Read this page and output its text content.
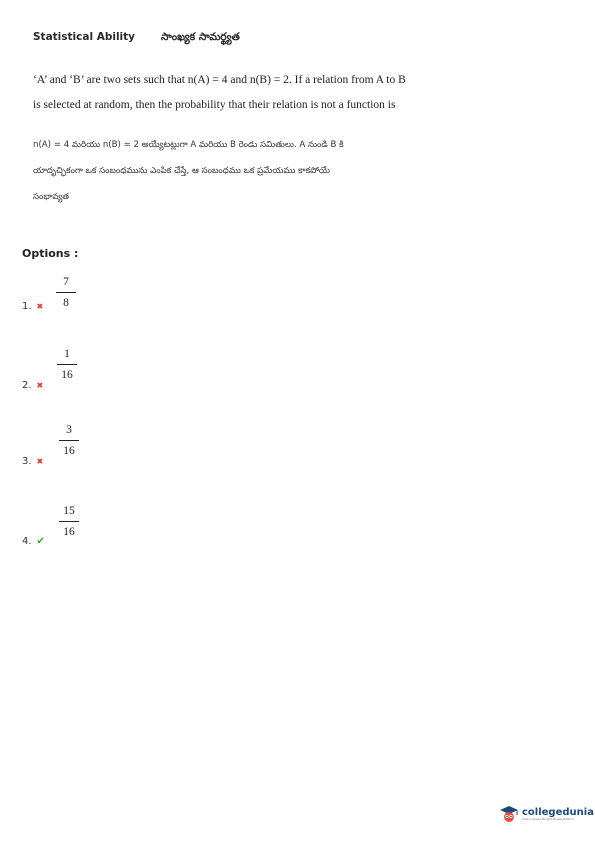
Statistical Ability సాంఖ్యక సామర్థ్యత
‘A’ and ‘B’ are two sets such that n(A) = 4 and n(B) = 2. If a relation from A to B
is selected at random, then the probability that their relation is not a function is
n(A) = 4 మరియు n(B) = 2 అయ్యేటట్లుగా A మరియు B రెండు సమితులు. A నుండి B కి
యాదృచ్ఛికంగా ఒక సంబంధమును ఎంపిక చేస్తే, ఆ సంబంధము ఒక ప్రమేయము కాకపోయే
సంభావ్యత
Options :
1. ✖
7
8
2. ✖
1
16
3. ✖
3
16
4. ✔
15
16
collegedunia
India's Largest Student Review Platform
